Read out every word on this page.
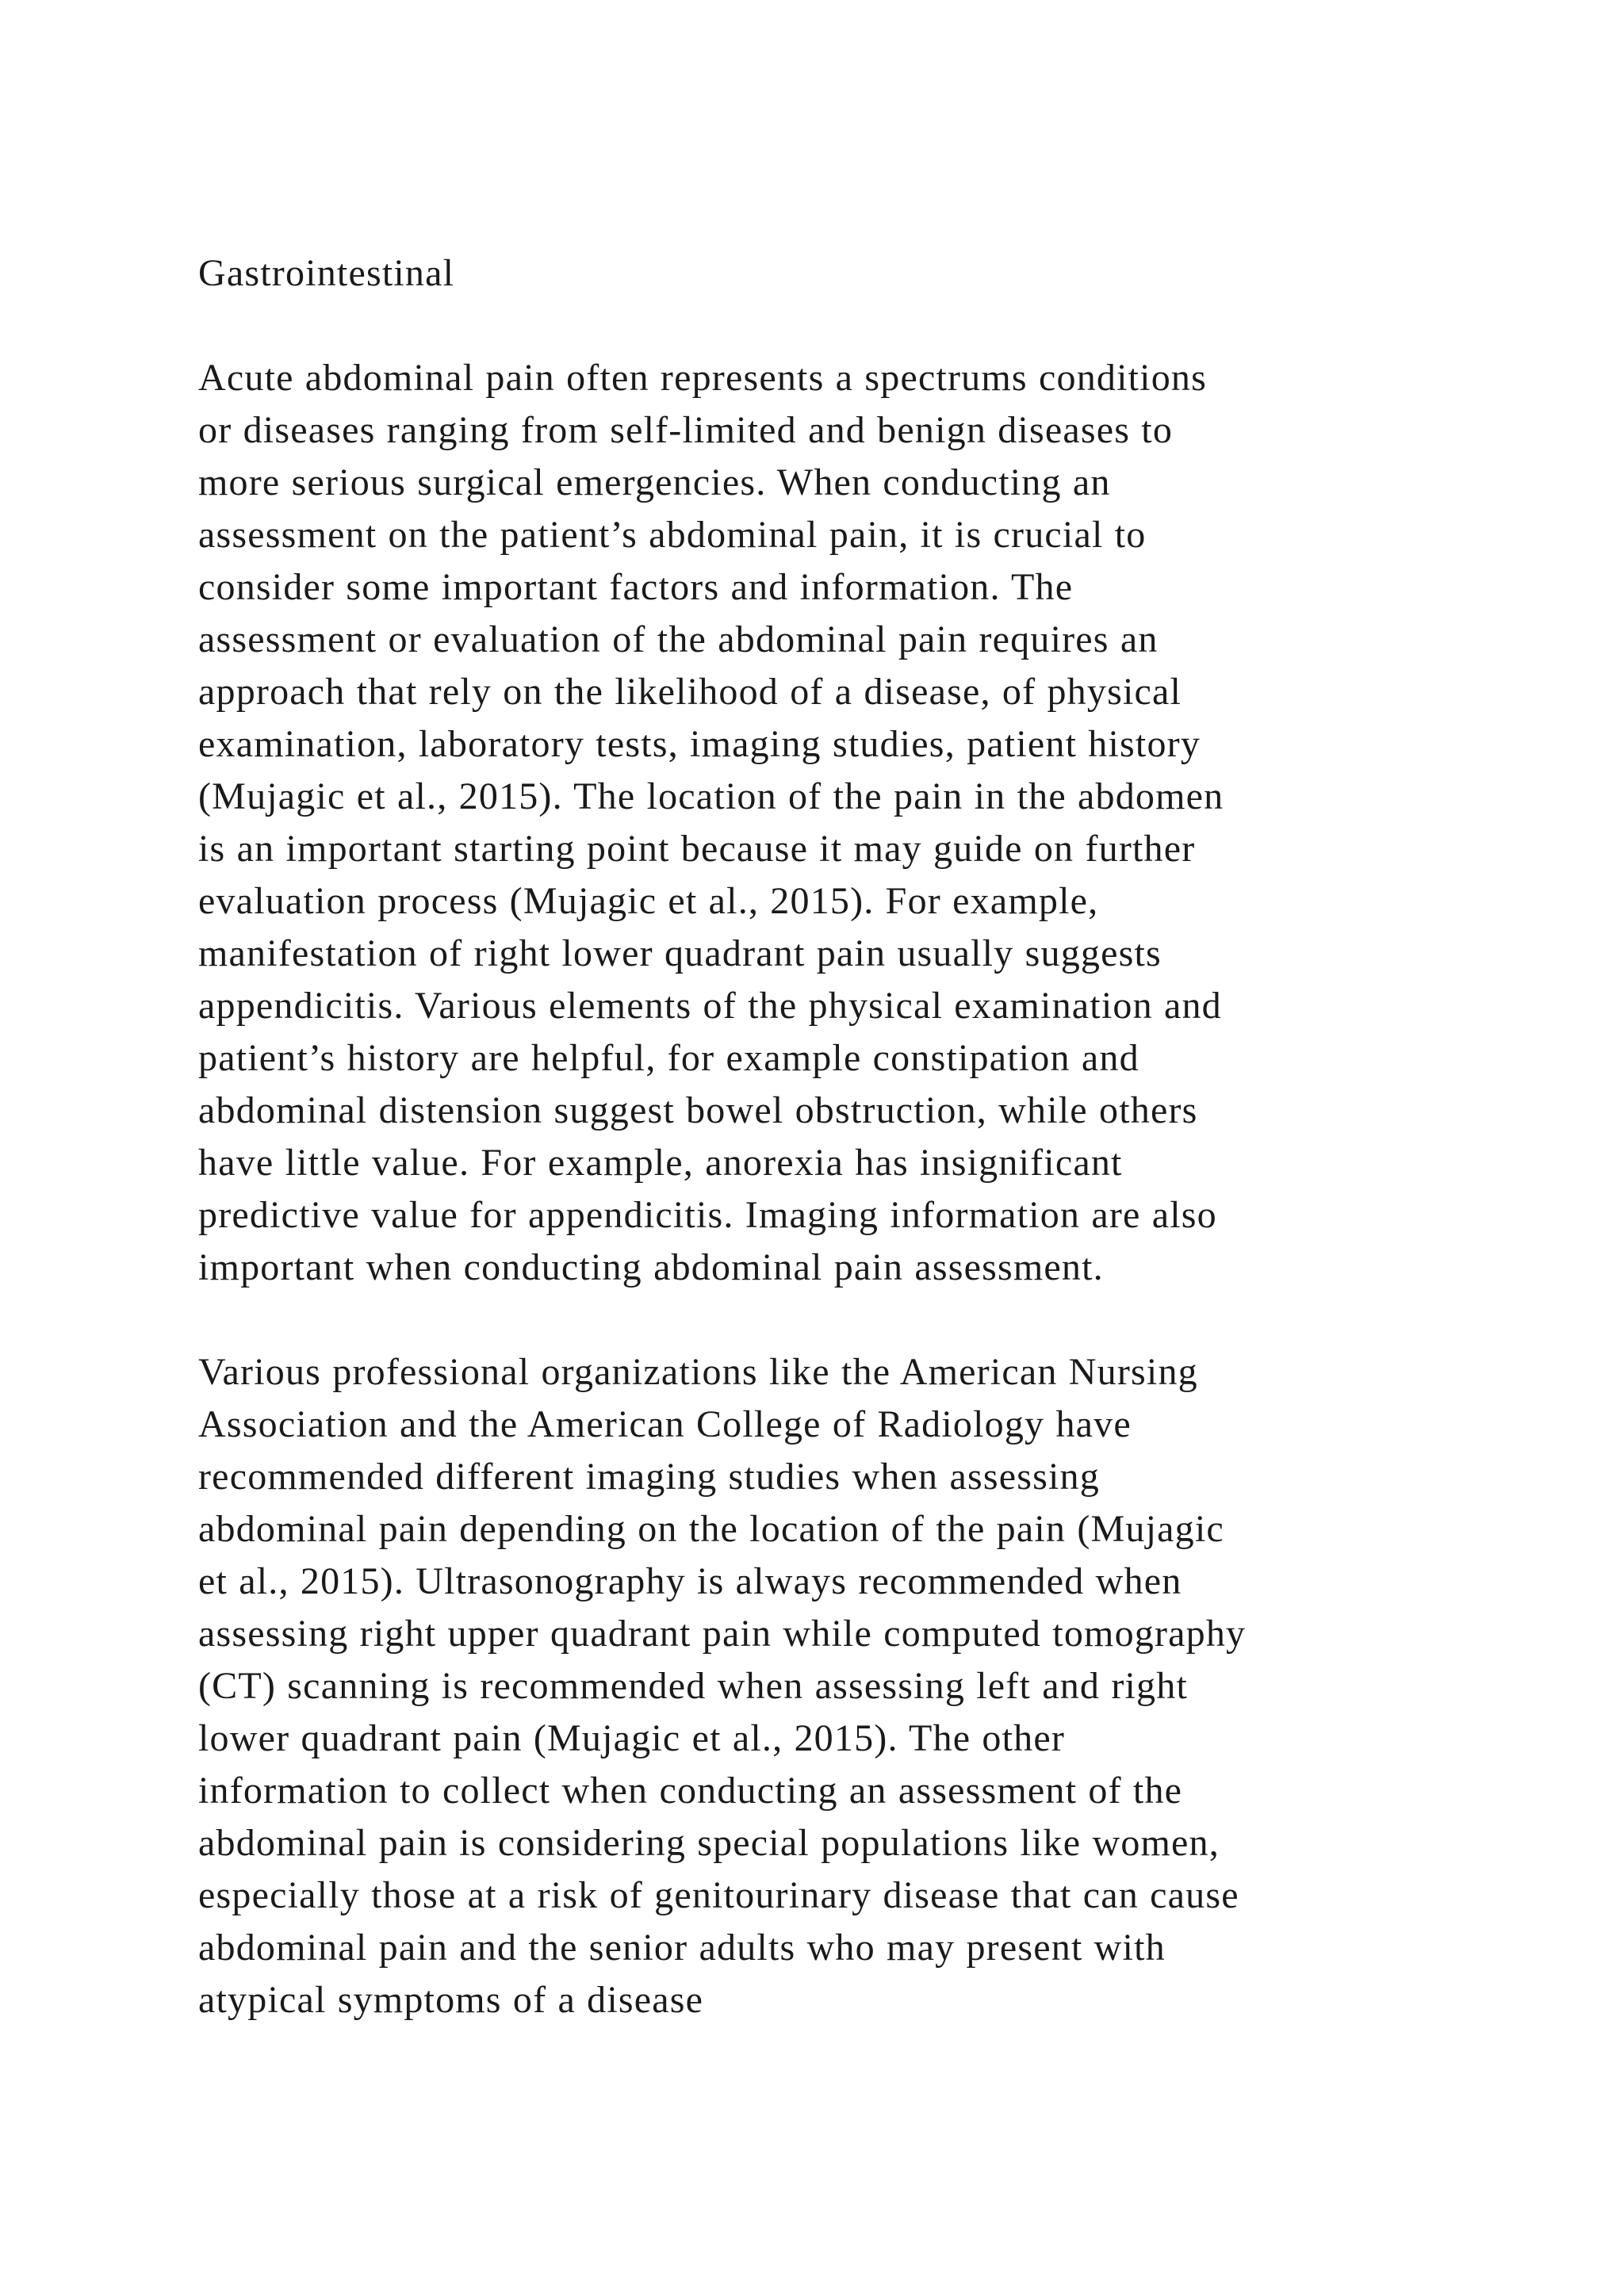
Gastrointestinal
Acute abdominal pain often represents a spectrums conditions
or diseases ranging from self-limited and benign diseases to
more serious surgical emergencies. When conducting an
assessment on the patient’s abdominal pain, it is crucial to
consider some important factors and information. The
assessment or evaluation of the abdominal pain requires an
approach that rely on the likelihood of a disease, of physical
examination, laboratory tests, imaging studies, patient history
(Mujagic et al., 2015). The location of the pain in the abdomen
is an important starting point because it may guide on further
evaluation process (Mujagic et al., 2015). For example,
manifestation of right lower quadrant pain usually suggests
appendicitis. Various elements of the physical examination and
patient’s history are helpful, for example constipation and
abdominal distension suggest bowel obstruction, while others
have little value. For example, anorexia has insignificant
predictive value for appendicitis. Imaging information are also
important when conducting abdominal pain assessment.
Various professional organizations like the American Nursing
Association and the American College of Radiology have
recommended different imaging studies when assessing
abdominal pain depending on the location of the pain (Mujagic
et al., 2015). Ultrasonography is always recommended when
assessing right upper quadrant pain while computed tomography
(CT) scanning is recommended when assessing left and right
lower quadrant pain (Mujagic et al., 2015). The other
information to collect when conducting an assessment of the
abdominal pain is considering special populations like women,
especially those at a risk of genitourinary disease that can cause
abdominal pain and the senior adults who may present with
atypical symptoms of a disease
